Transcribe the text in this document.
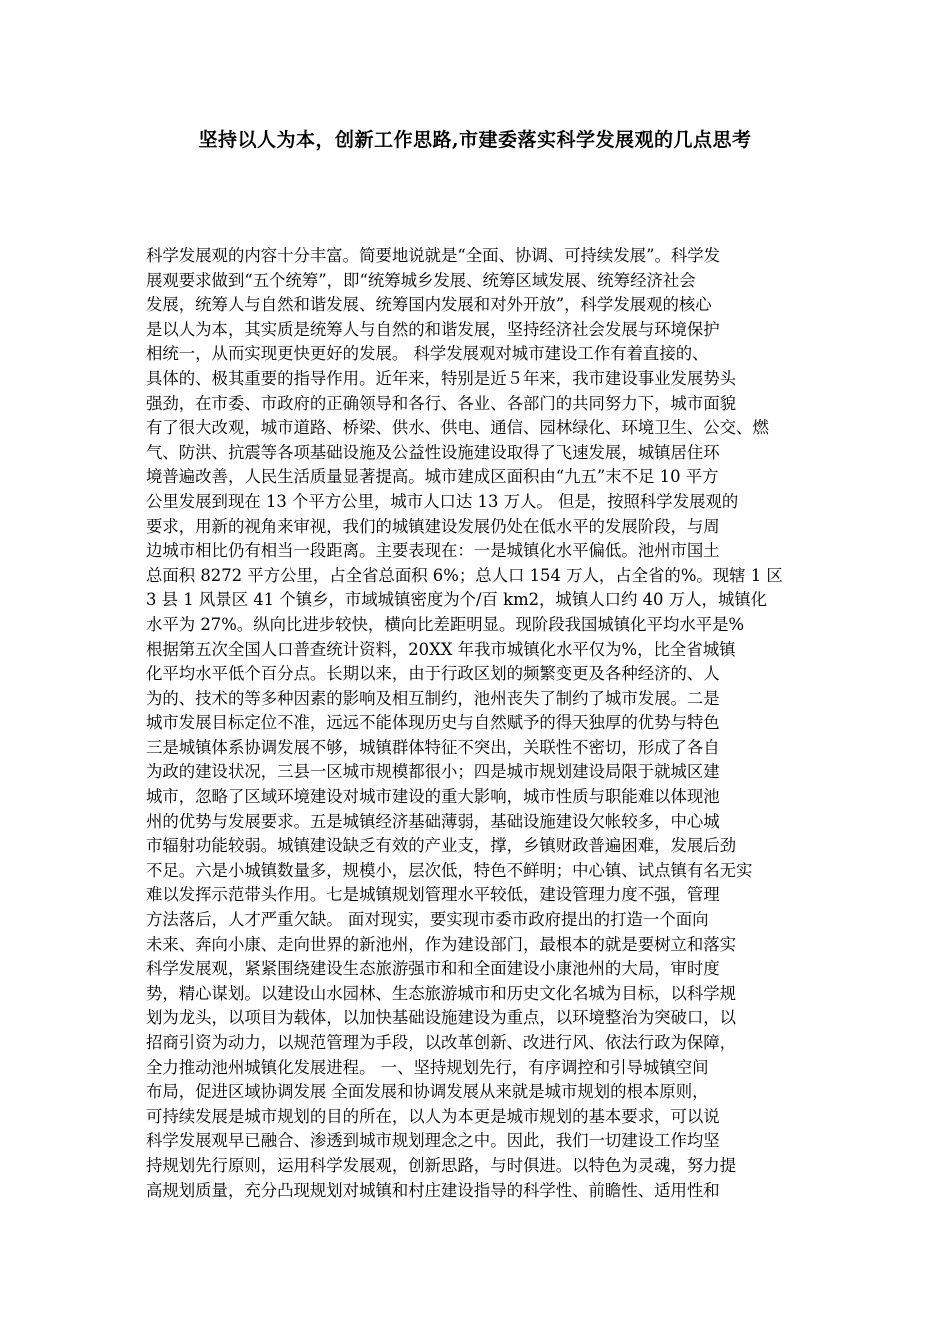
坚持以人为本，创新工作思路,市建委落实科学发展观的几点思考
科学发展观的内容十分丰富。简要地说就是“全面、协调、可持续发展”。科学发
展观要求做到“五个统筹”，即“统筹城乡发展、统筹区域发展、统筹经济社会
发展，统筹人与自然和谐发展、统筹国内发展和对外开放”，科学发展观的核心
是以人为本，其实质是统筹人与自然的和谐发展，坚持经济社会发展与环境保护
相统一，从而实现更快更好的发展。 科学发展观对城市建设工作有着直接的、
具体的、极其重要的指导作用。近年来，特别是近５年来，我市建设事业发展势头
强劲，在市委、市政府的正确领导和各行、各业、各部门的共同努力下，城市面貌
有了很大改观，城市道路、桥梁、供水、供电、通信、园林绿化、环境卫生、公交、燃
气、防洪、抗震等各项基础设施及公益性设施建设取得了飞速发展，城镇居住环
境普遍改善，人民生活质量显著提高。城市建成区面积由“九五”末不足 10 平方
公里发展到现在 13 个平方公里，城市人口达 13 万人。 但是，按照科学发展观的
要求，用新的视角来审视，我们的城镇建设发展仍处在低水平的发展阶段，与周
边城市相比仍有相当一段距离。主要表现在：一是城镇化水平偏低。池州市国土
总面积 8272 平方公里，占全省总面积 6%；总人口 154 万人，占全省的%。现辖 1 区
3 县 1 风景区 41 个镇乡，市域城镇密度为个/百 km2，城镇人口约 40 万人，城镇化
水平为 27%。纵向比进步较快，横向比差距明显。现阶段我国城镇化平均水平是%
根据第五次全国人口普查统计资料，20XX 年我市城镇化水平仅为%，比全省城镇
化平均水平低个百分点。长期以来，由于行政区划的频繁变更及各种经济的、人
为的、技术的等多种因素的影响及相互制约，池州丧失了制约了城市发展。二是
城市发展目标定位不准，远远不能体现历史与自然赋予的得天独厚的优势与特色
三是城镇体系协调发展不够，城镇群体特征不突出，关联性不密切，形成了各自
为政的建设状况，三县一区城市规模都很小；四是城市规划建设局限于就城区建
城市，忽略了区域环境建设对城市建设的重大影响，城市性质与职能难以体现池
州的优势与发展要求。五是城镇经济基础薄弱，基础设施建设欠帐较多，中心城
市辐射功能较弱。城镇建设缺乏有效的产业支，撑，乡镇财政普遍困难，发展后劲
不足。六是小城镇数量多，规模小，层次低，特色不鲜明；中心镇、试点镇有名无实
难以发挥示范带头作用。七是城镇规划管理水平较低，建设管理力度不强，管理
方法落后，人才严重欠缺。 面对现实，要实现市委市政府提出的打造一个面向
未来、奔向小康、走向世界的新池州，作为建设部门，最根本的就是要树立和落实
科学发展观，紧紧围绕建设生态旅游强市和和全面建设小康池州的大局，审时度
势，精心谋划。以建设山水园林、生态旅游城市和历史文化名城为目标，以科学规
划为龙头，以项目为载体，以加快基础设施建设为重点，以环境整治为突破口，以
招商引资为动力，以规范管理为手段，以改革创新、改进行风、依法行政为保障，
全力推动池州城镇化发展进程。 一、坚持规划先行，有序调控和引导城镇空间
布局，促进区域协调发展 全面发展和协调发展从来就是城市规划的根本原则，
可持续发展是城市规划的目的所在，以人为本更是城市规划的基本要求，可以说
科学发展观早已融合、渗透到城市规划理念之中。因此，我们一切建设工作均坚
持规划先行原则，运用科学发展观，创新思路，与时俱进。以特色为灵魂，努力提
高规划质量，充分凸现规划对城镇和村庄建设指导的科学性、前瞻性、适用性和
